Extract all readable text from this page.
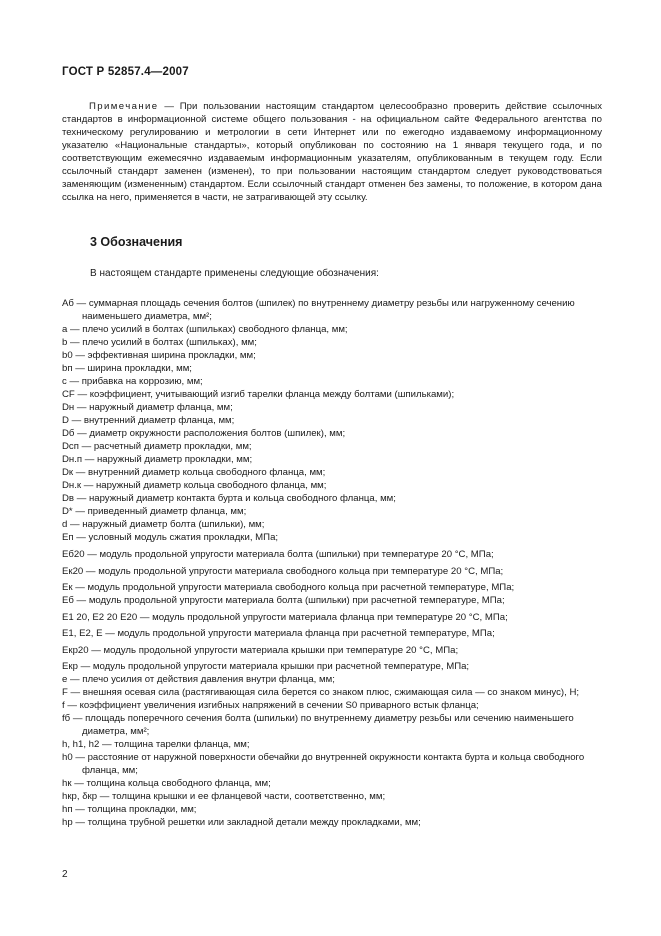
ГОСТ Р 52857.4—2007
Примечание — При пользовании настоящим стандартом целесообразно проверить действие ссылочных стандартов в информационной системе общего пользования - на официальном сайте Федерального агентства по техническому регулированию и метрологии в сети Интернет или по ежегодно издаваемому информационному указателю «Национальные стандарты», который опубликован по состоянию на 1 января текущего года, и по соответствующим ежемесячно издаваемым информационным указателям, опубликованным в текущем году. Если ссылочный стандарт заменен (изменен), то при пользовании настоящим стандартом следует руководствоваться заменяющим (измененным) стандартом. Если ссылочный стандарт отменен без замены, то положение, в котором дана ссылка на него, применяется в части, не затрагивающей эту ссылку.
3 Обозначения
В настоящем стандарте применены следующие обозначения:
Aб — суммарная площадь сечения болтов (шпилек) по внутреннему диаметру резьбы или нагруженному сечению наименьшего диаметра, мм²;
a — плечо усилий в болтах (шпильках) свободного фланца, мм;
b — плечо усилий в болтах (шпильках), мм;
b0 — эффективная ширина прокладки, мм;
bп — ширина прокладки, мм;
c — прибавка на коррозию, мм;
CF — коэффициент, учитывающий изгиб тарелки фланца между болтами (шпильками);
Dн — наружный диаметр фланца, мм;
D — внутренний диаметр фланца, мм;
Dб — диаметр окружности расположения болтов (шпилек), мм;
Dсп — расчетный диаметр прокладки, мм;
Dн.п — наружный диаметр прокладки, мм;
Dк — внутренний диаметр кольца свободного фланца, мм;
Dн.к — наружный диаметр кольца свободного фланца, мм;
Dв — наружный диаметр контакта бурта и кольца свободного фланца, мм;
D* — приведенный диаметр фланца, мм;
d — наружный диаметр болта (шпильки), мм;
Eп — условный модуль сжатия прокладки, МПа;
Eб20 — модуль продольной упругости материала болта (шпильки) при температуре 20 °С, МПа;
Eк20 — модуль продольной упругости материала свободного кольца при температуре 20 °С, МПа;
Eк — модуль продольной упругости материала свободного кольца при расчетной температуре, МПа;
Eб — модуль продольной упругости материала болта (шпильки) при расчетной температуре, МПа;
E1 20, E2 20 E20 — модуль продольной упругости материала фланца при температуре 20 °С, МПа;
E1, E2, E — модуль продольной упругости материала фланца при расчетной температуре, МПа;
Eкр20 — модуль продольной упругости материала крышки при температуре 20 °С, МПа;
Eкр — модуль продольной упругости материала крышки при расчетной температуре, МПа;
e — плечо усилия от действия давления внутри фланца, мм;
F — внешняя осевая сила (растягивающая сила берется со знаком плюс, сжимающая сила — со знаком минус), Н;
f — коэффициент увеличения изгибных напряжений в сечении S0 приварного встык фланца;
fб — площадь поперечного сечения болта (шпильки) по внутреннему диаметру резьбы или сечению наименьшего диаметра, мм²;
h, h1, h2 — толщина тарелки фланца, мм;
h0 — расстояние от наружной поверхности обечайки до внутренней окружности контакта бурта и кольца свободного фланца, мм;
hк — толщина кольца свободного фланца, мм;
hкр, δкр — толщина крышки и ее фланцевой части, соответственно, мм;
hп — толщина прокладки, мм;
hр — толщина трубной решетки или закладной детали между прокладками, мм;
2
